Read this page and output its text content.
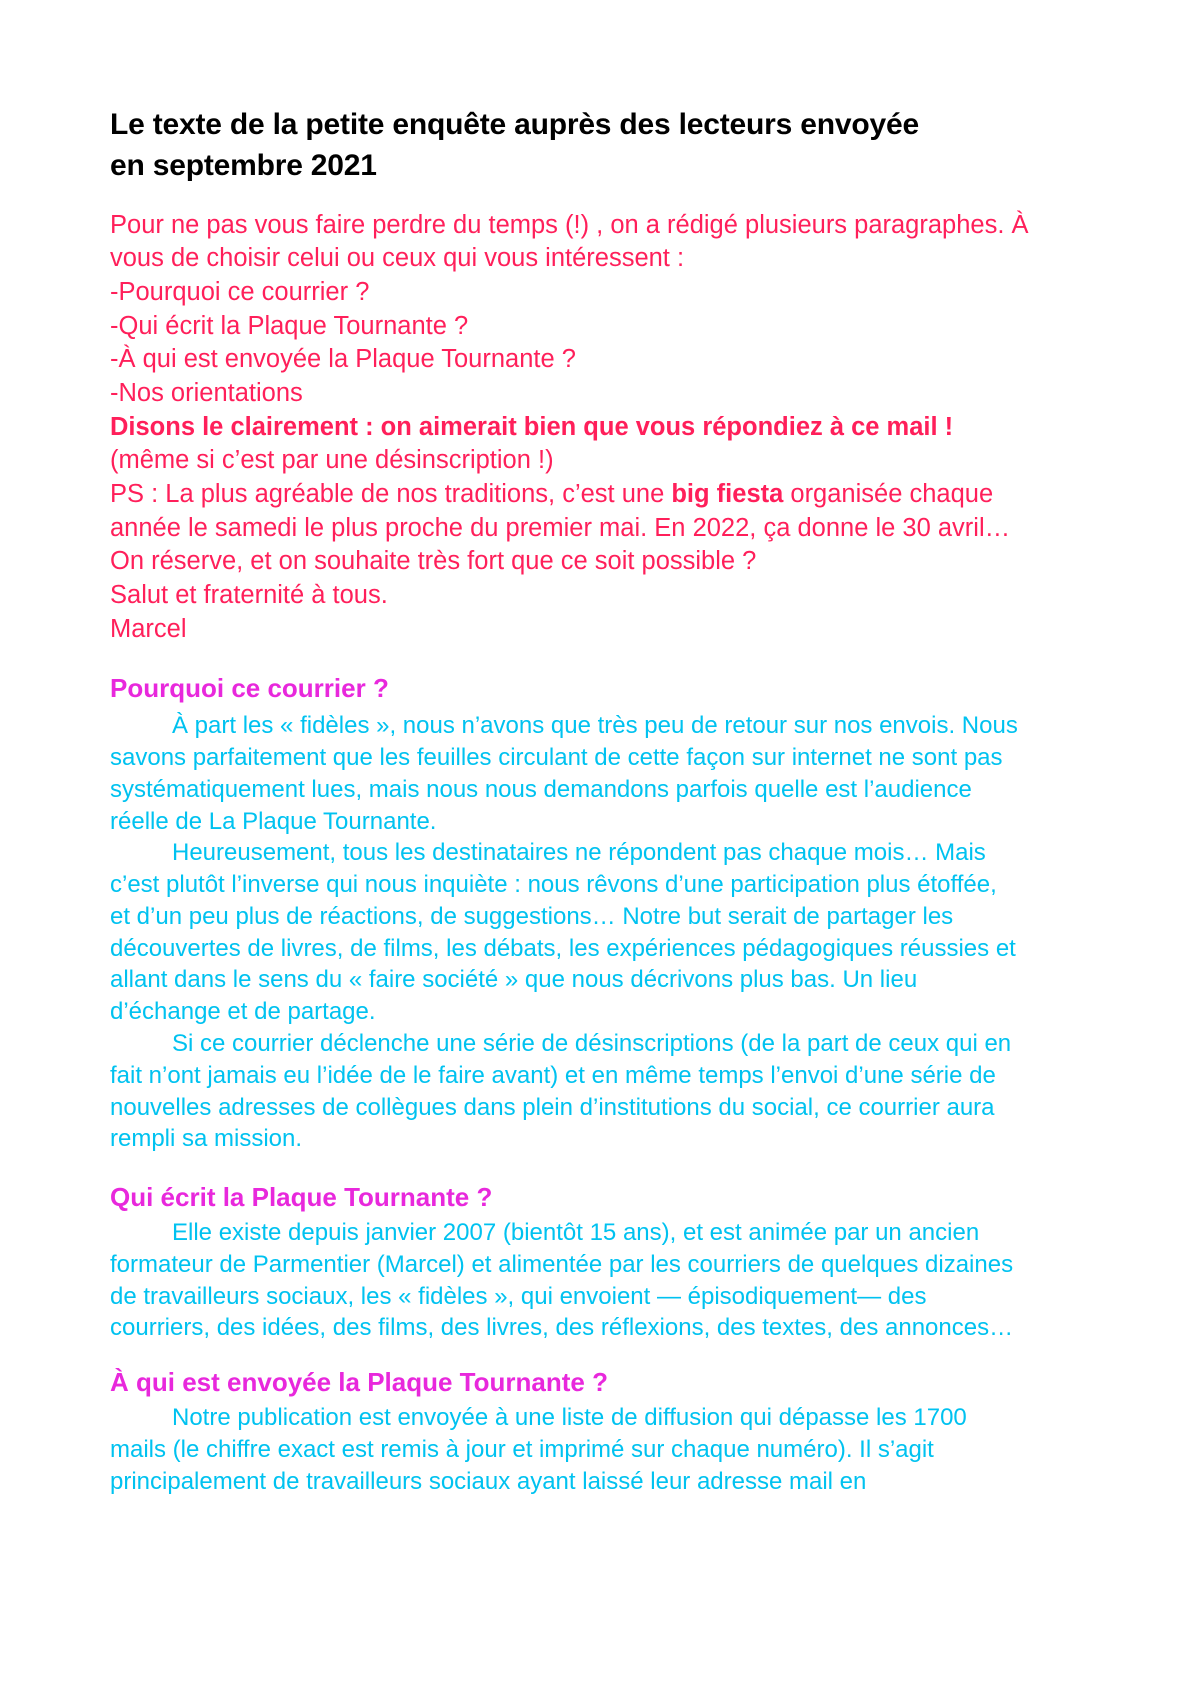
Le texte de la petite enquête auprès des lecteurs envoyée en septembre 2021
Pour ne pas vous faire perdre du temps (!) , on a rédigé plusieurs paragraphes. À vous de choisir celui ou ceux qui vous intéressent :
-Pourquoi ce courrier ?
-Qui écrit la Plaque Tournante ?
-À qui est envoyée la Plaque Tournante ?
-Nos orientations
Disons le clairement : on aimerait bien que vous répondiez à ce mail ! (même si c’est par une désinscription !)
PS : La plus agréable de nos traditions, c’est une big fiesta organisée chaque année le samedi le plus proche du premier mai. En 2022, ça donne le 30 avril… On réserve, et on souhaite très fort que ce soit possible ?
Salut et fraternité à tous.
Marcel
Pourquoi ce courrier ?

À part les « fidèles », nous n’avons que très peu de retour sur nos envois. Nous savons parfaitement que les feuilles circulant de cette façon sur internet ne sont pas systématiquement lues, mais nous nous demandons parfois quelle est l’audience réelle de La Plaque Tournante.

Heureusement, tous les destinataires ne répondent pas chaque mois… Mais c’est plutôt l’inverse qui nous inquiète : nous rêvons d’une participation plus étoffée, et d’un peu plus de réactions, de suggestions… Notre but serait de partager les découvertes de livres, de films, les débats, les expériences pédagogiques réussies et allant dans le sens du « faire société » que nous décrivons plus bas. Un lieu d’échange et de partage.

Si ce courrier déclenche une série de désinscriptions (de la part de ceux qui en fait n’ont jamais eu l’idée de le faire avant) et en même temps l’envoi d’une série de nouvelles adresses de collègues dans plein d’institutions du social, ce courrier aura rempli sa mission.

Qui écrit la Plaque Tournante ?

Elle existe depuis janvier 2007 (bientôt 15 ans), et est animée par un ancien formateur de Parmentier (Marcel) et alimentée par les courriers de quelques dizaines de travailleurs sociaux, les « fidèles », qui envoient — épisodiquement— des courriers, des idées, des films, des livres, des réflexions, des textes, des annonces…

À qui est envoyée la Plaque Tournante ?

Notre publication est envoyée à une liste de diffusion qui dépasse les 1700 mails (le chiffre exact est remis à jour et imprimé sur chaque numéro). Il s’agit principalement de travailleurs sociaux ayant laissé leur adresse mail en
